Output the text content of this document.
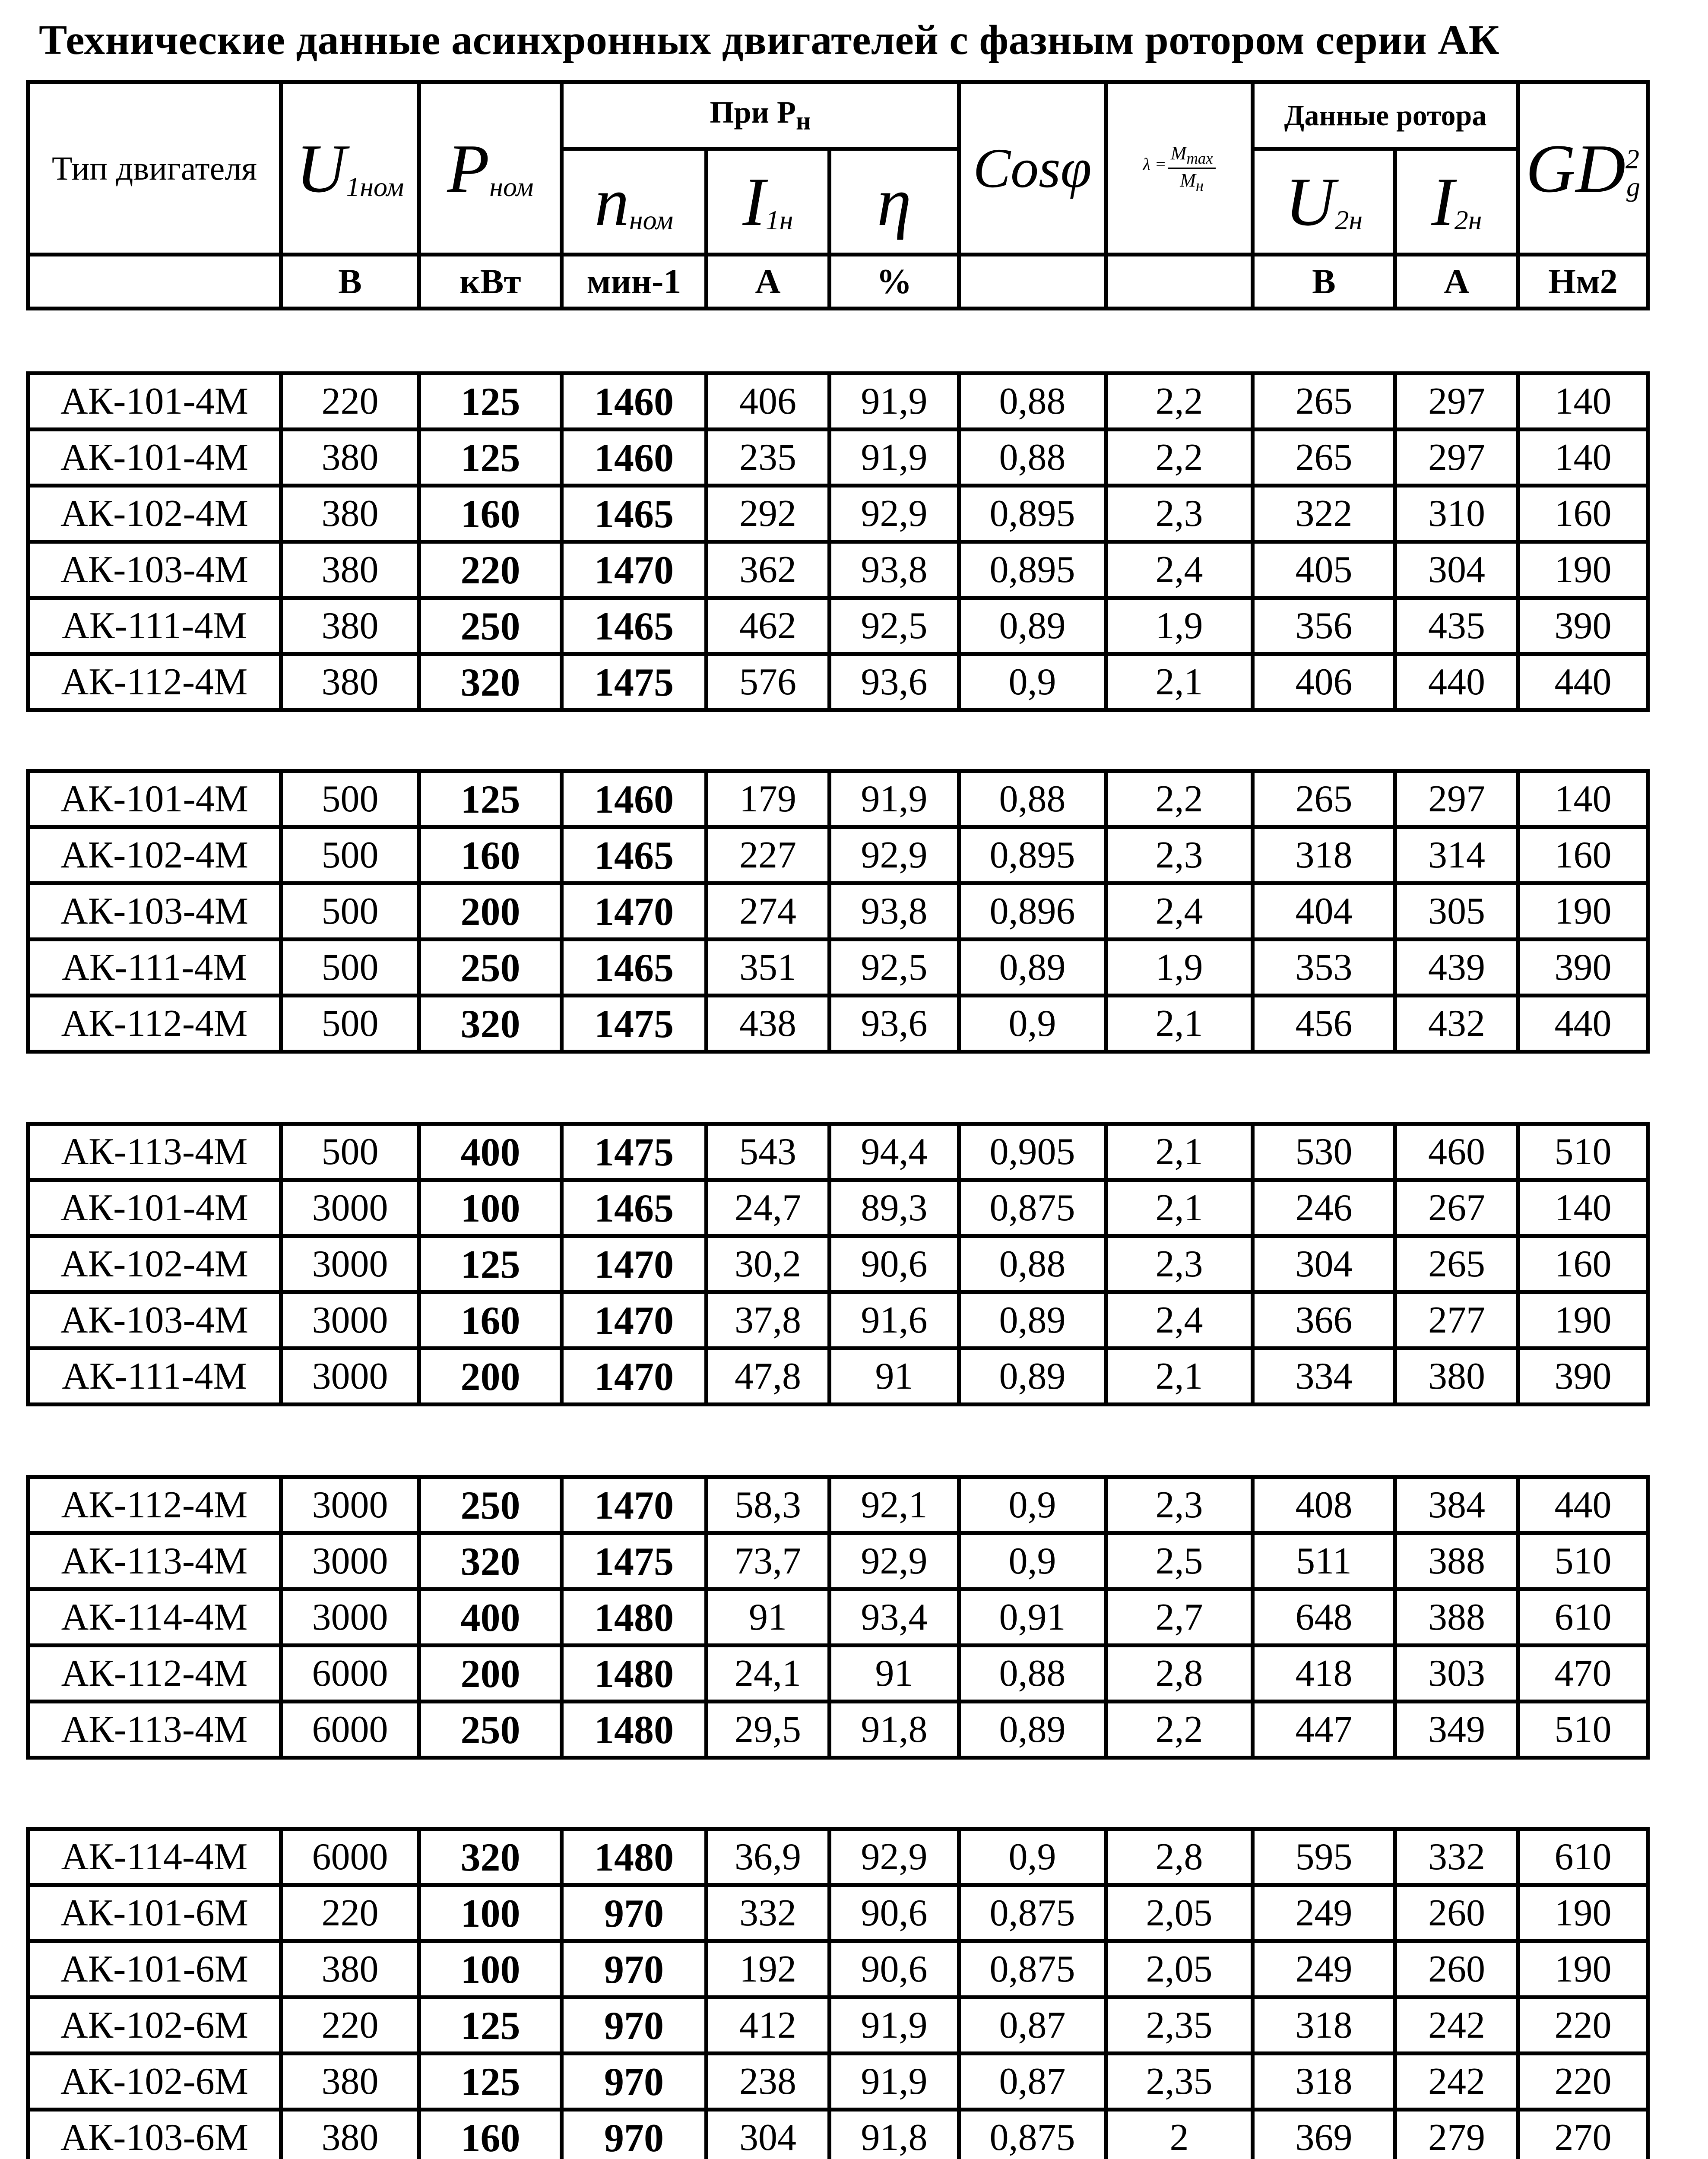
Технические данные асинхронных двигателей с фазным ротором серии АК
Тип двигателя	$U_{1ном}$	$P_{ном}$	При $P_н$			Cosφ	$\lambda = \frac{M_{max}}{M_н}$	Данные ротора		$GD^2_g$
			$n_{ном}$	$I_{1н}$	η			$U_{2н}$	$I_{2н}$
	В	кВт	мин-1	А	%			В	А	Нм2
АК-101-4М	220	125	1460	406	91,9	0,88	2,2	265	297	140
АК-101-4М	380	125	1460	235	91,9	0,88	2,2	265	297	140
АК-102-4М	380	160	1465	292	92,9	0,895	2,3	322	310	160
АК-103-4М	380	220	1470	362	93,8	0,895	2,4	405	304	190
АК-111-4М	380	250	1465	462	92,5	0,89	1,9	356	435	390
АК-112-4М	380	320	1475	576	93,6	0,9	2,1	406	440	440
АК-101-4М	500	125	1460	179	91,9	0,88	2,2	265	297	140
АК-102-4М	500	160	1465	227	92,9	0,895	2,3	318	314	160
АК-103-4М	500	200	1470	274	93,8	0,896	2,4	404	305	190
АК-111-4М	500	250	1465	351	92,5	0,89	1,9	353	439	390
АК-112-4М	500	320	1475	438	93,6	0,9	2,1	456	432	440
АК-113-4М	500	400	1475	543	94,4	0,905	2,1	530	460	510
АК-101-4М	3000	100	1465	24,7	89,3	0,875	2,1	246	267	140
АК-102-4М	3000	125	1470	30,2	90,6	0,88	2,3	304	265	160
АК-103-4М	3000	160	1470	37,8	91,6	0,89	2,4	366	277	190
АК-111-4М	3000	200	1470	47,8	91	0,89	2,1	334	380	390
АК-112-4М	3000	250	1470	58,3	92,1	0,9	2,3	408	384	440
АК-113-4М	3000	320	1475	73,7	92,9	0,9	2,5	511	388	510
АК-114-4М	3000	400	1480	91	93,4	0,91	2,7	648	388	610
АК-112-4М	6000	200	1480	24,1	91	0,88	2,8	418	303	470
АК-113-4М	6000	250	1480	29,5	91,8	0,89	2,2	447	349	510
АК-114-4М	6000	320	1480	36,9	92,9	0,9	2,8	595	332	610
АК-101-6М	220	100	970	332	90,6	0,875	2,05	249	260	190
АК-101-6М	380	100	970	192	90,6	0,875	2,05	249	260	190
АК-102-6М	220	125	970	412	91,9	0,87	2,35	318	242	220
АК-102-6М	380	125	970	238	91,9	0,87	2,35	318	242	220
АК-103-6М	380	160	970	304	91,8	0,875	2	369	279	270
